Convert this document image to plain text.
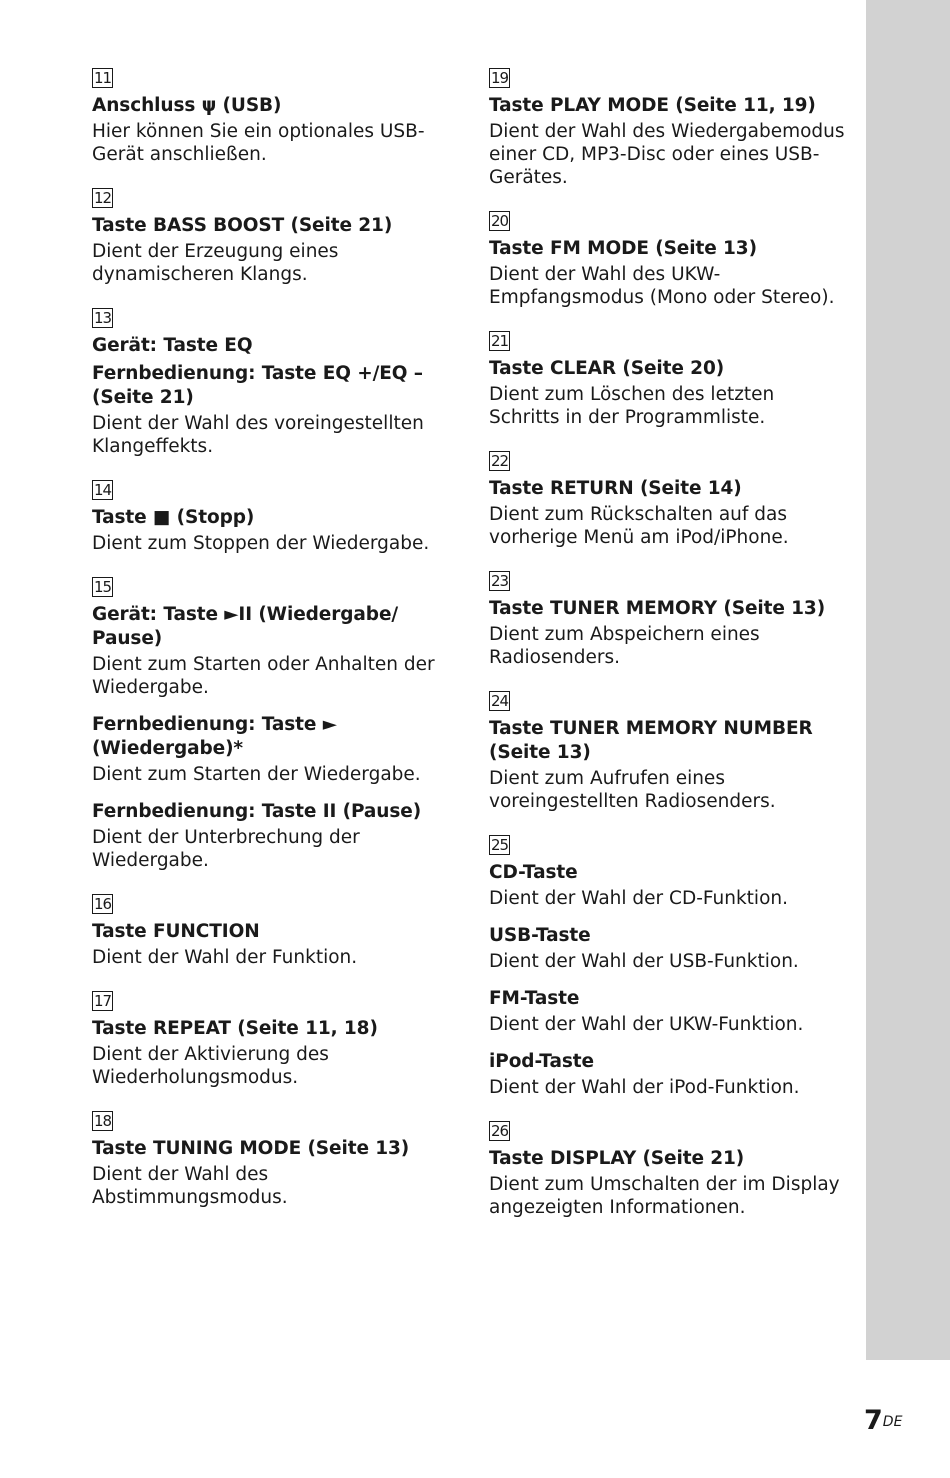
11

Anschluss ψ (USB)

Hier können Sie ein optionales USB-Gerät anschließen.

12

Taste BASS BOOST (Seite 21)

Dient der Erzeugung eines dynamischeren Klangs.

13

Gerät: Taste EQ

Fernbedienung: Taste EQ +/EQ – (Seite 21)

Dient der Wahl des voreingestellten Klangeffekts.

14

Taste ■ (Stopp)

Dient zum Stoppen der Wiedergabe.

15

Gerät: Taste ►II (Wiedergabe/ Pause)

Dient zum Starten oder Anhalten der Wiedergabe.

Fernbedienung: Taste ► (Wiedergabe)*

Dient zum Starten der Wiedergabe.

Fernbedienung: Taste II (Pause)

Dient der Unterbrechung der Wiedergabe.

16

Taste FUNCTION

Dient der Wahl der Funktion.

17

Taste REPEAT (Seite 11, 18)

Dient der Aktivierung des Wiederholungsmodus.

18

Taste TUNING MODE (Seite 13)

Dient der Wahl des Abstimmungsmodus.

19

Taste PLAY MODE (Seite 11, 19)

Dient der Wahl des Wiedergabemodus einer CD, MP3-Disc oder eines USB-Gerätes.

20

Taste FM MODE (Seite 13)

Dient der Wahl des UKW-Empfangsmodus (Mono oder Stereo).

21

Taste CLEAR (Seite 20)

Dient zum Löschen des letzten Schritts in der Programmliste.

22

Taste RETURN (Seite 14)

Dient zum Rückschalten auf das vorherige Menü am iPod/iPhone.

23

Taste TUNER MEMORY (Seite 13)

Dient zum Abspeichern eines Radiosenders.

24

Taste TUNER MEMORY NUMBER (Seite 13)

Dient zum Aufrufen eines voreingestellten Radiosenders.

25

CD-Taste

Dient der Wahl der CD-Funktion.

USB-Taste

Dient der Wahl der USB-Funktion.

FM-Taste

Dient der Wahl der UKW-Funktion.

iPod-Taste

Dient der Wahl der iPod-Funktion.

26

Taste DISPLAY (Seite 21)

Dient zum Umschalten der im Display angezeigten Informationen.

7DE
